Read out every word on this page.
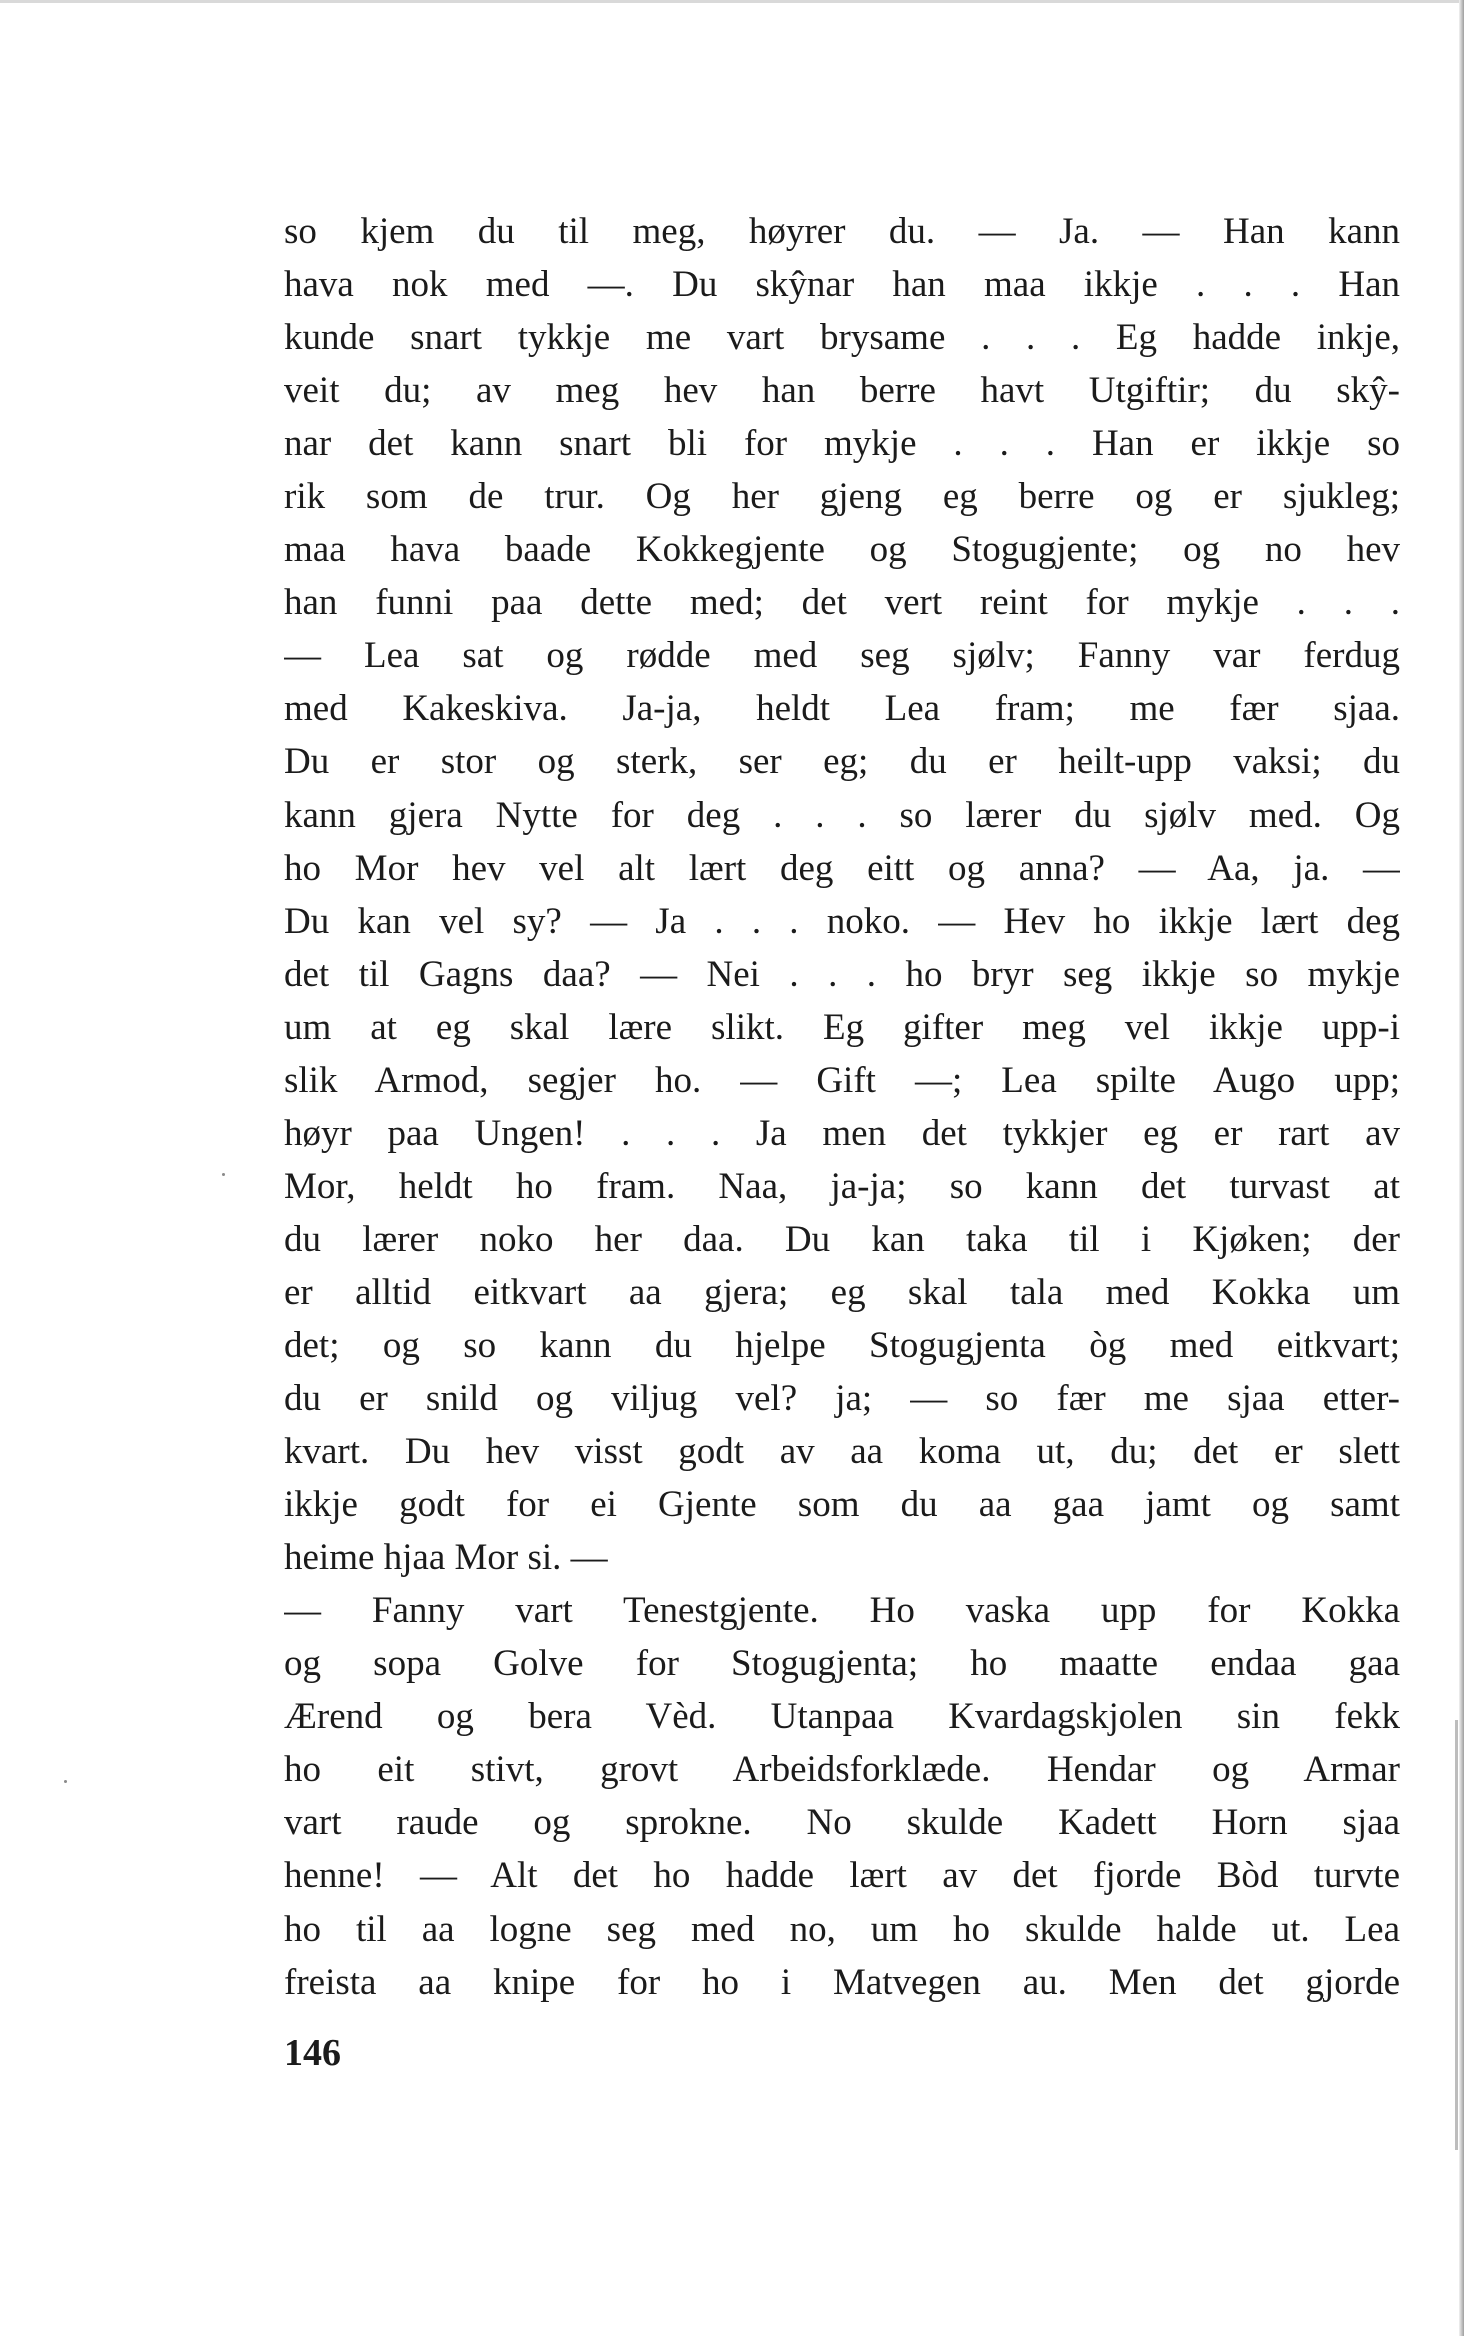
so kjem du til meg, høyrer du. — Ja. — Han kann
hava nok med —. Du skŷnar han maa ikkje . . . Han
kunde snart tykkje me vart brysame . . . Eg hadde inkje,
veit du; av meg hev han berre havt Utgiftir; du skŷ-
nar det kann snart bli for mykje . . . Han er ikkje so
rik som de trur. Og her gjeng eg berre og er sjukleg;
maa hava baade Kokkegjente og Stogugjente; og no hev
han funni paa dette med; det vert reint for mykje . . .
— Lea sat og rødde med seg sjølv; Fanny var ferdug
med Kakeskiva. Ja-ja, heldt Lea fram; me fær sjaa.
Du er stor og sterk, ser eg; du er heilt-upp vaksi; du
kann gjera Nytte for deg . . . so lærer du sjølv med. Og
ho Mor hev vel alt lært deg eitt og anna? — Aa, ja. —
Du kan vel sy? — Ja . . . noko. — Hev ho ikkje lært deg
det til Gagns daa? — Nei . . . ho bryr seg ikkje so mykje
um at eg skal lære slikt. Eg gifter meg vel ikkje upp-i
slik Armod, segjer ho. — Gift —; Lea spilte Augo upp;
høyr paa Ungen! . . . Ja men det tykkjer eg er rart av
Mor, heldt ho fram. Naa, ja-ja; so kann det turvast at
du lærer noko her daa. Du kan taka til i Kjøken; der
er alltid eitkvart aa gjera; eg skal tala med Kokka um
det; og so kann du hjelpe Stogugjenta òg med eitkvart;
du er snild og viljug vel? ja; — so fær me sjaa etter-
kvart. Du hev visst godt av aa koma ut, du; det er slett
ikkje godt for ei Gjente som du aa gaa jamt og samt
heime hjaa Mor si. —
— Fanny vart Tenestgjente. Ho vaska upp for Kokka
og sopa Golve for Stogugjenta; ho maatte endaa gaa
Ærend og bera Vèd. Utanpaa Kvardagskjolen sin fekk
ho eit stivt, grovt Arbeidsforklæde. Hendar og Armar
vart raude og sprokne. No skulde Kadett Horn sjaa
henne! — Alt det ho hadde lært av det fjorde Bòd turvte
ho til aa logne seg med no, um ho skulde halde ut. Lea
freista aa knipe for ho i Matvegen au. Men det gjorde
146
